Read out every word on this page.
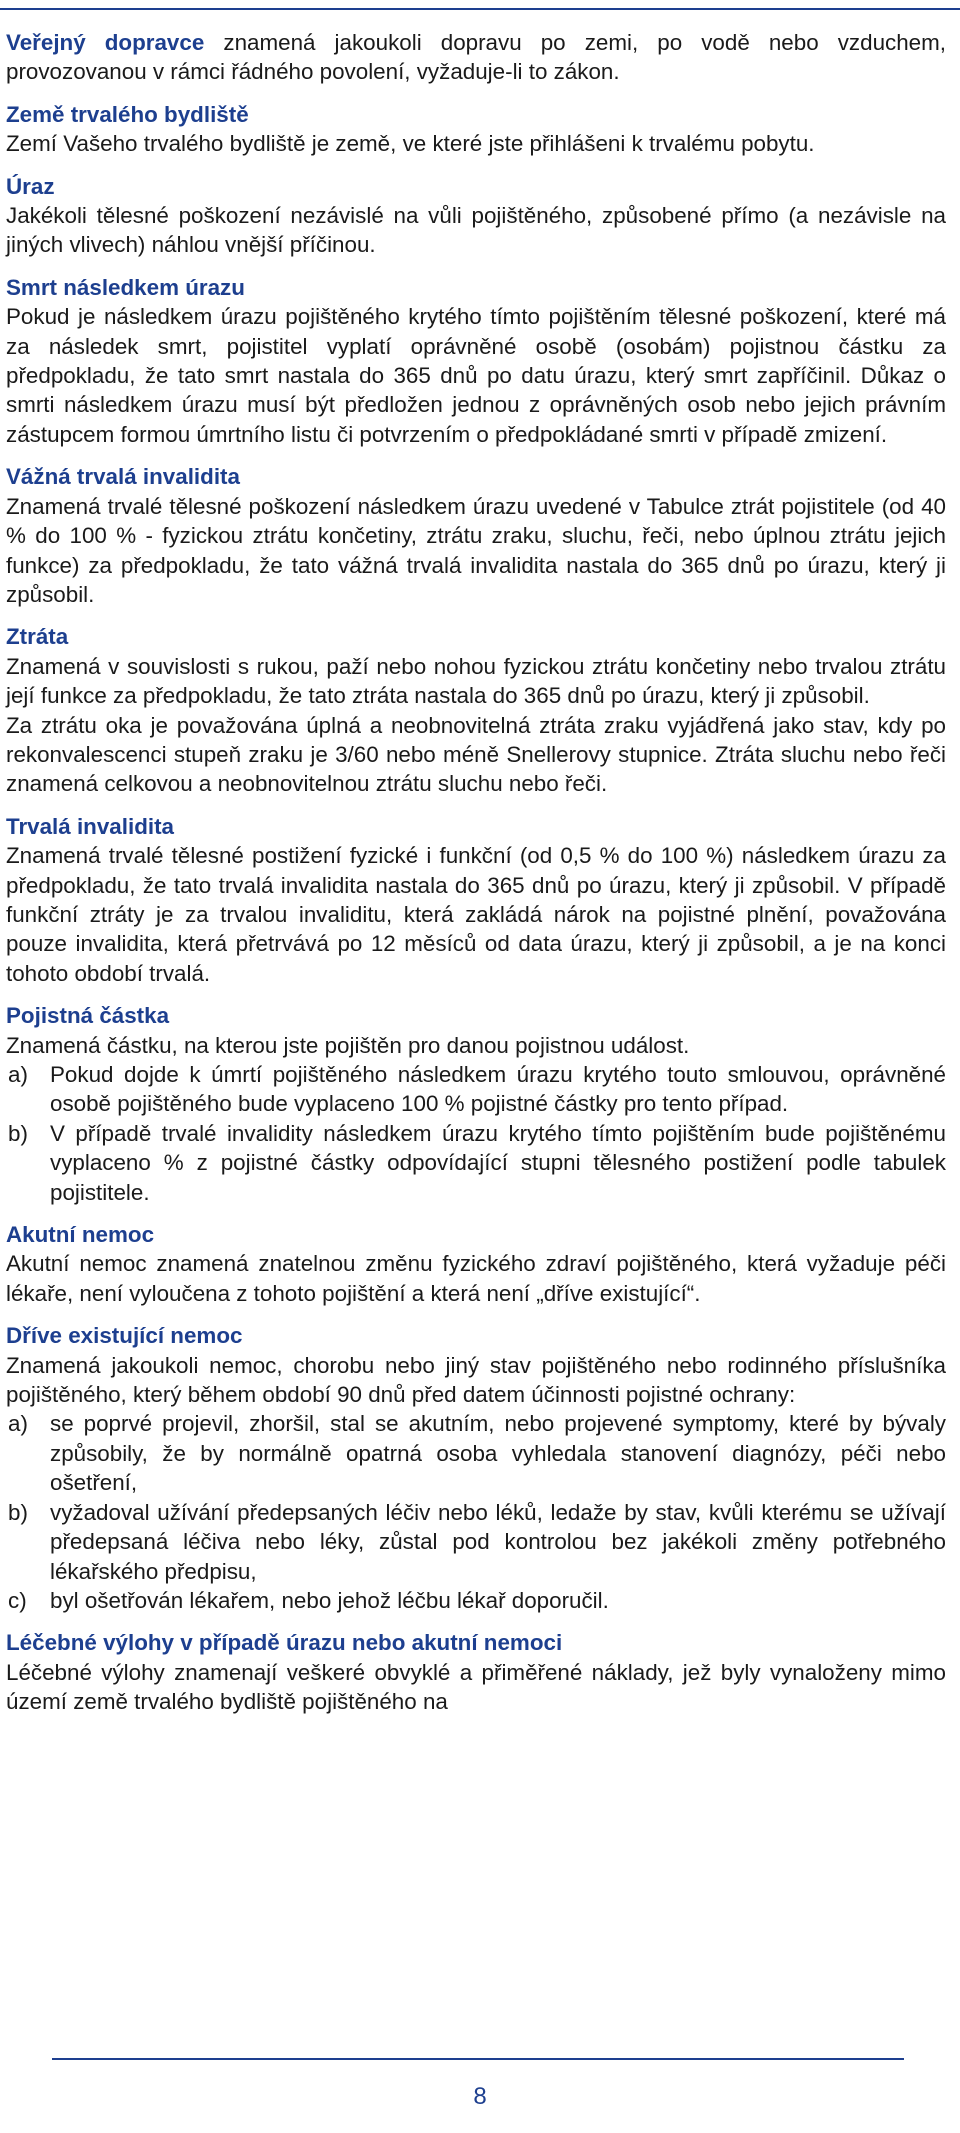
Veřejný dopravce znamená jakoukoli dopravu po zemi, po vodě nebo vzduchem, provozovanou v rámci řádného povolení, vyžaduje-li to zákon.

Země trvalého bydliště

Zemí Vašeho trvalého bydliště je země, ve které jste přihlášeni k trvalému pobytu.

Úraz

Jakékoli tělesné poškození nezávislé na vůli pojištěného, způsobené přímo (a nezávisle na jiných vlivech) náhlou vnější příčinou.

Smrt následkem úrazu

Pokud je následkem úrazu pojištěného krytého tímto pojištěním tělesné poškození, které má za následek smrt, pojistitel vyplatí oprávněné osobě (osobám) pojistnou částku za předpokladu, že tato smrt nastala do 365 dnů po datu úrazu, který smrt zapříčinil. Důkaz o smrti následkem úrazu musí být předložen jednou z oprávněných osob nebo jejich právním zástupcem formou úmrtního listu či potvrzením o předpokládané smrti v případě zmizení.

Vážná trvalá invalidita

Znamená trvalé tělesné poškození následkem úrazu uvedené v Tabulce ztrát pojistitele (od 40 % do 100 % - fyzickou ztrátu končetiny, ztrátu zraku, sluchu, řeči, nebo úplnou ztrátu jejich funkce) za předpokladu, že tato vážná trvalá invalidita nastala do 365 dnů po úrazu, který ji způsobil.

Ztráta

Znamená v souvislosti s rukou, paží nebo nohou fyzickou ztrátu končetiny nebo trvalou ztrátu její funkce za předpokladu, že tato ztráta nastala do 365 dnů po úrazu, který ji způsobil.

Za ztrátu oka je považována úplná a neobnovitelná ztráta zraku vyjádřená jako stav, kdy po rekonvalescenci stupeň zraku je 3/60 nebo méně Snellerovy stupnice. Ztráta sluchu nebo řeči znamená celkovou a neobnovitelnou ztrátu sluchu nebo řeči.

Trvalá invalidita

Znamená trvalé tělesné postižení fyzické i funkční (od 0,5 % do 100 %) následkem úrazu za předpokladu, že tato trvalá invalidita nastala do 365 dnů po úrazu, který ji způsobil. V případě funkční ztráty je za trvalou invaliditu, která zakládá nárok na pojistné plnění, považována pouze invalidita, která přetrvává po 12 měsíců od data úrazu, který ji způsobil, a je na konci tohoto období trvalá.

Pojistná částka

Znamená částku, na kterou jste pojištěn pro danou pojistnou událost.

a) Pokud dojde k úmrtí pojištěného následkem úrazu krytého touto smlouvou, oprávněné osobě pojištěného bude vyplaceno 100 % pojistné částky pro tento případ.
b) V případě trvalé invalidity následkem úrazu krytého tímto pojištěním bude pojištěnému vyplaceno % z pojistné částky odpovídající stupni tělesného postižení podle tabulek pojistitele.

Akutní nemoc

Akutní nemoc znamená znatelnou změnu fyzického zdraví pojištěného, která vyžaduje péči lékaře, není vyloučena z tohoto pojištění a která není „dříve existující“.

Dříve existující nemoc

Znamená jakoukoli nemoc, chorobu nebo jiný stav pojištěného nebo rodinného příslušníka pojištěného, který během období 90 dnů před datem účinnosti pojistné ochrany:

a) se poprvé projevil, zhoršil, stal se akutním, nebo projevené symptomy, které by bývaly způsobily, že by normálně opatrná osoba vyhledala stanovení diagnózy, péči nebo ošetření,
b) vyžadoval užívání předepsaných léčiv nebo léků, ledaže by stav, kvůli kterému se užívají předepsaná léčiva nebo léky, zůstal pod kontrolou bez jakékoli změny potřebného lékařského předpisu,
c) byl ošetřován lékařem, nebo jehož léčbu lékař doporučil.

Léčebné výlohy v případě úrazu nebo akutní nemoci

Léčebné výlohy znamenají veškeré obvyklé a přiměřené náklady, jež byly vynaloženy mimo území země trvalého bydliště pojištěného na

8
